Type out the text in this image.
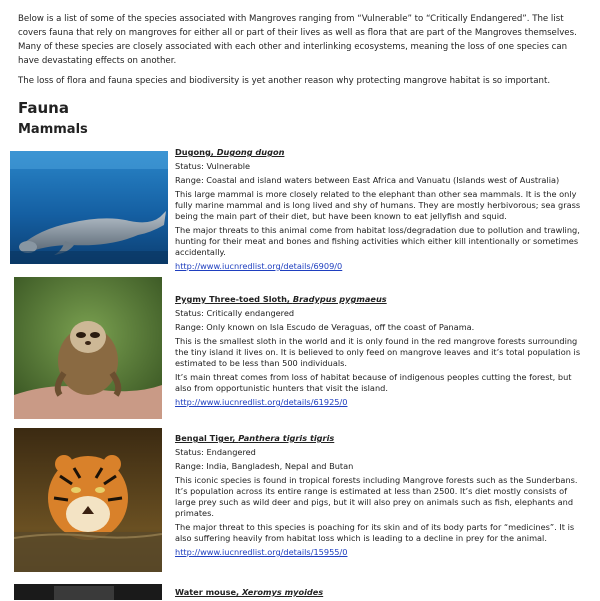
Below is a list of some of the species associated with Mangroves ranging from “Vulnerable” to “Critically Endangered”. The list covers fauna that rely on mangroves for either all or part of their lives as well as flora that are part of the Mangroves themselves. Many of these species are closely associated with each other and interlinking ecosystems, meaning the loss of one species can have devastating effects on another.

The loss of flora and fauna species and biodiversity is yet another reason why protecting mangrove habitat is so important.

Fauna
Mammals

Dugong, Dugong dugon

Status: Vulnerable

Range: Coastal and island waters between East Africa and Vanuatu (Islands west of Australia)

This large mammal is more closely related to the elephant than other sea mammals. It is the only fully marine mammal and is long lived and shy of humans. They are mostly herbivorous; sea grass being the main part of their diet, but have been known to eat jellyfish and squid.

The major threats to this animal come from habitat loss/degradation due to pollution and trawling, hunting for their meat and bones and fishing activities which either kill intentionally or sometimes accidentally.

http://www.iucnredlist.org/details/6909/0

Pygmy Three-toed Sloth, Bradypus pygmaeus

Status: Critically endangered

Range: Only known on Isla Escudo de Veraguas, off the coast of Panama.

This is the smallest sloth in the world and it is only found in the red mangrove forests surrounding the tiny island it lives on. It is believed to only feed on mangrove leaves and it’s total population is estimated to be less than 500 individuals.

It’s main threat comes from loss of habitat because of indigenous peoples cutting the forest, but also from opportunistic hunters that visit the island.

http://www.iucnredlist.org/details/61925/0

Bengal Tiger, Panthera tigris tigris

Status: Endangered

Range: India, Bangladesh, Nepal and Butan

This iconic species is found in tropical forests including Mangrove forests such as the Sunderbans. It’s population across its entire range is estimated at less than 2500. It’s diet mostly consists of large prey such as wild deer and pigs, but it will also prey on animals such as fish, elephants and primates.

The major threat to this species is poaching for its skin and of its body parts for “medicines”. It is also suffering heavily from habitat loss which is leading to a decline in prey for the animal.

http://www.iucnredlist.org/details/15955/0

Water mouse, Xeromys myoides
